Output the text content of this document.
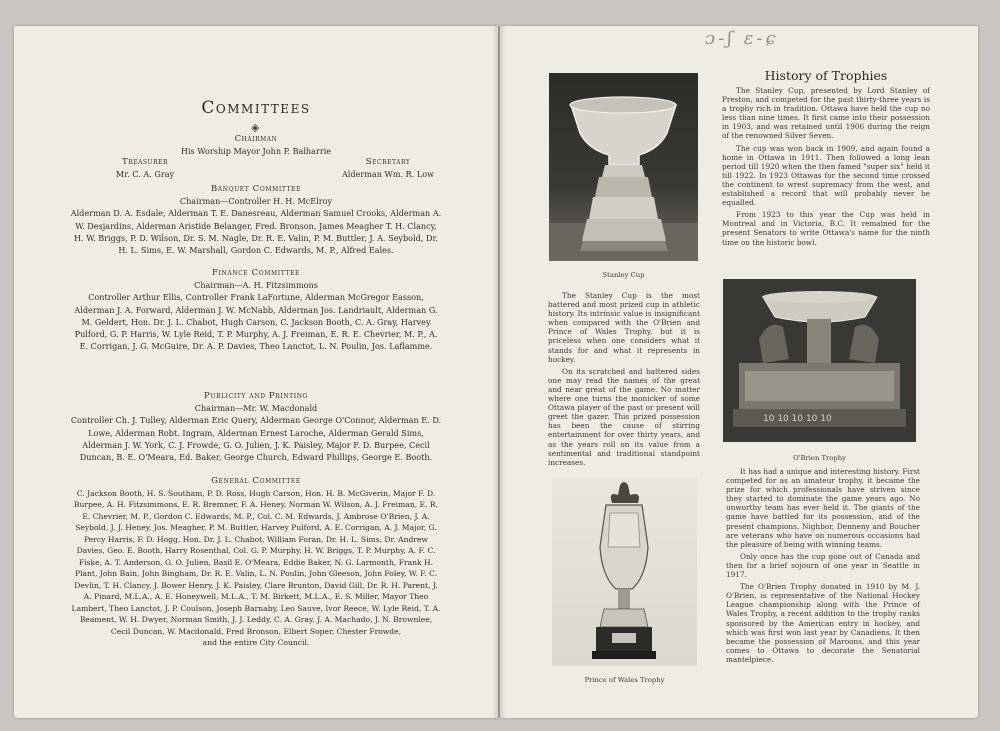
Committees
◈

Chairman

His Worship Mayor John P. Balharrie

Treasurer
Mr. C. A. Gray
Secretary
Alderman Wm. R. Low

Banquet Committee

Chairman—Controller H. H. McElroy

Alderman D. A. Esdale, Alderman T. E. Danesreau, Alderman Samuel Crooks, Alderman A. W. Desjardins, Alderman Aristide Belanger, Fred. Bronson, James Meagher T. H. Clancy, H. W. Briggs, P. D. Wilson, Dr. S. M. Nagle, Dr. R. E. Valin, P. M. Buttler, J. A. Seybold, Dr. H. L. Sims, E. W. Marshall, Gordon C. Edwards, M. P., Alfred Eales.

Finance Committee

Chairman—A. H. Fitzsimmons

Controller Arthur Ellis, Controller Frank LaFortune, Alderman McGregor Easson, Alderman J. A. Forward, Alderman J. W. McNabb, Alderman Jos. Landriault, Alderman G. M. Geldert, Hon. Dr. J. L. Chabot, Hugh Carson, C. Jackson Booth, C. A. Gray, Harvey Pulford, G. P. Harris, W. Lyle Reid, T. P. Murphy, A. J. Freiman, E. R. E. Chevrier, M. P., A. E. Corrigan, J. G. McGuire, Dr. A. P. Davies, Theo Lanctot, L. N. Poulin, Jos. Laflamme.

Publicity and Printing

Chairman—Mr. W. Macdonald

Controller Ch. J. Tulley, Alderman Eric Query, Alderman George O'Connor, Alderman E. D. Lowe, Alderman Robt. Ingram, Alderman Ernest Laroche, Alderman Gerald Sims, Alderman J. W. York, C. J. Frowde, G. O. Julien, J. K. Paisley, Major F. D. Burpee, Cecil Duncan, B. E. O'Meara, Ed. Baker, George Church, Edward Phillips, George E. Booth.

General Committee

C. Jackson Booth, H. S. Southam, P. D. Ross, Hugh Carson, Hon. H. B. McGiverin, Major F. D. Burpee, A. H. Fitzsimmons, E. R. Bremner, F. A. Heney, Norman W. Wilson, A. J. Freiman, E. R. E. Chevrier, M. P., Gordon C. Edwards, M. P., Col. C. M. Edwards, J. Ambrose O'Brien, J. A. Seybold, J. J. Heney, Jos. Meagher, P. M. Buttler, Harvey Pulford, A. E. Corrigan, A. J. Major, G. Percy Harris, F. D. Hogg, Hon. Dr. J. L. Chabot, William Foran, Dr. H. L. Sims, Dr. Andrew Davies, Geo. E. Booth, Harry Rosenthal, Col. G. P. Murphy, H. W. Briggs, T. P. Murphy, A. F. C. Fiske, A. T. Anderson, G. O. Julien, Basil E. O'Meara, Eddie Baker, N. G. Larmonth, Frank H. Plant, John Bain, John Bingham, Dr. R. E. Valin, L. N. Poulin, John Gleeson, John Foley, W. F. C. Devlin, T. H. Clancy, J. Bower Henry, J. K. Paisley, Clare Brunton, David Gill, Dr. R. H. Parent, J. A. Pinard, M.L.A., A. E. Honeywell, M.L.A., T. M. Birkett, M.L.A., E. S. Miller, Mayor Theo Lambert, Theo Lanctot, J. P. Coulson, Joseph Barnaby, Leo Sauve, Ivor Reece, W. Lyle Reid, T. A. Beament, W. H. Dwyer, Norman Smith, J. J. Leddy, C. A. Gray, J. A. Machado, J. N. Brownlee, Cecil Duncan, W. Macdonald, Fred Bronson, Elbert Soper, Chester Frowde,

and the entire City Council.

ɔ-ʃ ɛ-ɕ
Stanley Cup
History of Trophies

The Stanley Cup, presented by Lord Stanley of Preston, and competed for the past thirty-three years is a trophy rich in tradition. Ottawa have held the cup no less than nine times. It first came into their possession in 1903, and was retained until 1906 during the reign of the renowned Silver Seven.

The cup was won back in 1909, and again found a home in Ottawa in 1911. Then followed a long lean period till 1920 when the then famed "super six" held it till 1922. In 1923 Ottawas for the second time crossed the continent to wrest supremacy from the west, and established a record that will probably never be equalled.

From 1923 to this year the Cup was held in Montreal and in Victoria, B.C. It remained for the present Senators to write Ottawa's name for the ninth time on the historic bowl.

The Stanley Cup is the most battered and most prized cup in athletic history. Its intrinsic value is insignificant when compared with the O'Brien and Prince of Wales Trophy, but it is priceless when one considers what it stands for and what it represents in hockey.

On its scratched and battered sides one may read the names of the great and near great of the game. No matter where one turns the monicker of some Ottawa player of the past or present will greet the gazer. This prized possession has been the cause of stirring entertainment for over thirty years, and as the years roll on its value from a sentimental and traditional standpoint increases.

10 10 10 10 10
O'Brien Trophy

It has had a unique and interesting history. First competed for as an amateur trophy, it became the prize for which professionals have striven since they started to dominate the game years ago. No unworthy team has ever held it. The giants of the game have battled for its possession, and of the present champions, Nighbor, Denneny and Boucher are veterans who have on numerous occasions had the pleasure of being with winning teams.

Only once has the cup gone out of Canada and then for a brief sojourn of one year in Seattle in 1917.

The O'Brien Trophy donated in 1910 by M. J. O'Brien, is representative of the National Hockey League championship along with the Prince of Wales Trophy, a recent addition to the trophy ranks sponsored by the American entry in hockey, and which was first won last year by Canadiens. It then became the possession of Maroons, and this year comes to Ottawa to decorate the Senatorial mantelpiece.

Prince of Wales Trophy
